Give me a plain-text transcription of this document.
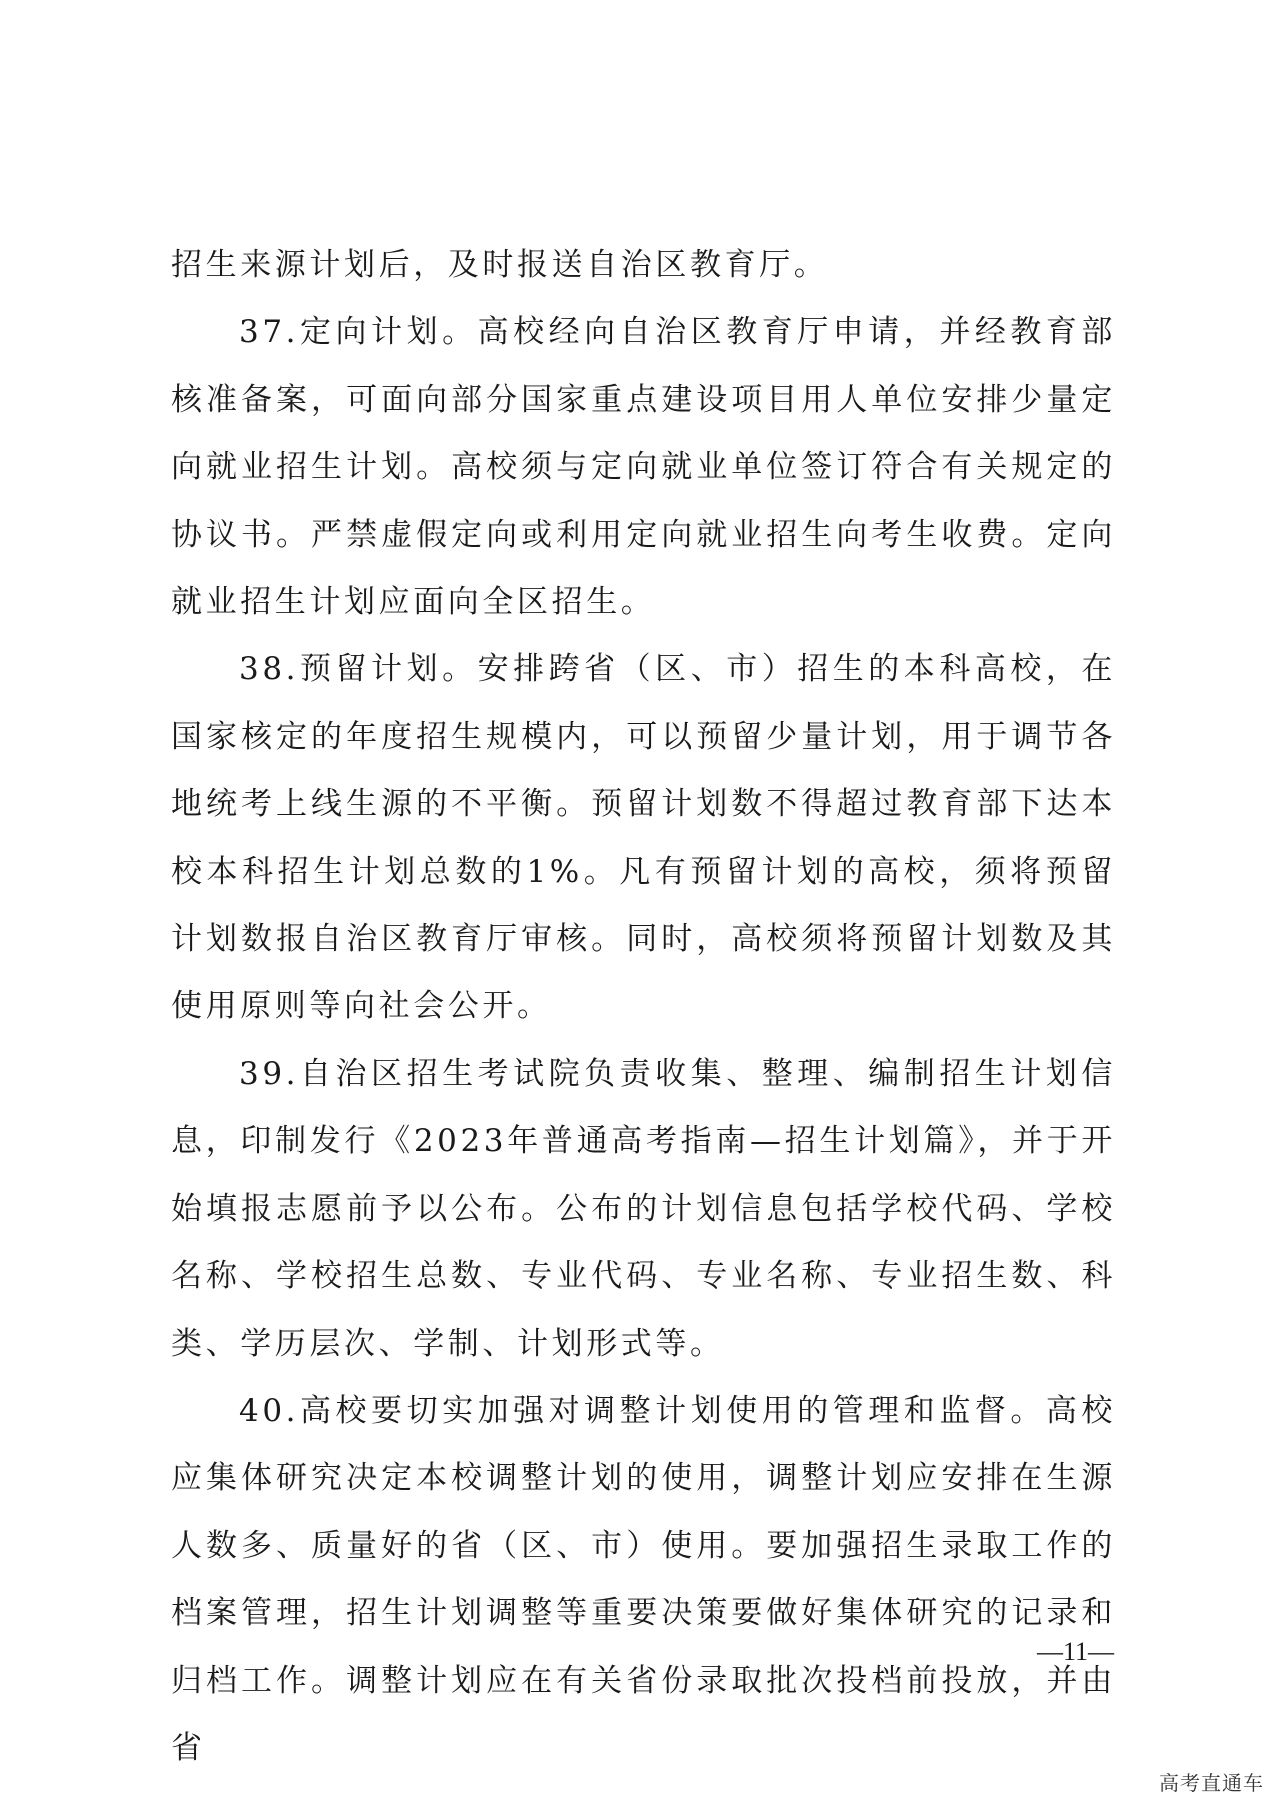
招生来源计划后，及时报送自治区教育厅。

37.定向计划。高校经向自治区教育厅申请，并经教育部核准备案，可面向部分国家重点建设项目用人单位安排少量定向就业招生计划。高校须与定向就业单位签订符合有关规定的协议书。严禁虚假定向或利用定向就业招生向考生收费。定向就业招生计划应面向全区招生。

38.预留计划。安排跨省（区、市）招生的本科高校，在国家核定的年度招生规模内，可以预留少量计划，用于调节各地统考上线生源的不平衡。预留计划数不得超过教育部下达本校本科招生计划总数的1%。凡有预留计划的高校，须将预留计划数报自治区教育厅审核。同时，高校须将预留计划数及其使用原则等向社会公开。

39.自治区招生考试院负责收集、整理、编制招生计划信息，印制发行《2023年普通高考指南—招生计划篇》，并于开始填报志愿前予以公布。公布的计划信息包括学校代码、学校名称、学校招生总数、专业代码、专业名称、专业招生数、科类、学历层次、学制、计划形式等。

40.高校要切实加强对调整计划使用的管理和监督。高校应集体研究决定本校调整计划的使用，调整计划应安排在生源人数多、质量好的省（区、市）使用。要加强招生录取工作的档案管理，招生计划调整等重要决策要做好集体研究的记录和归档工作。调整计划应在有关省份录取批次投档前投放，并由省

—11—
高考直通车
